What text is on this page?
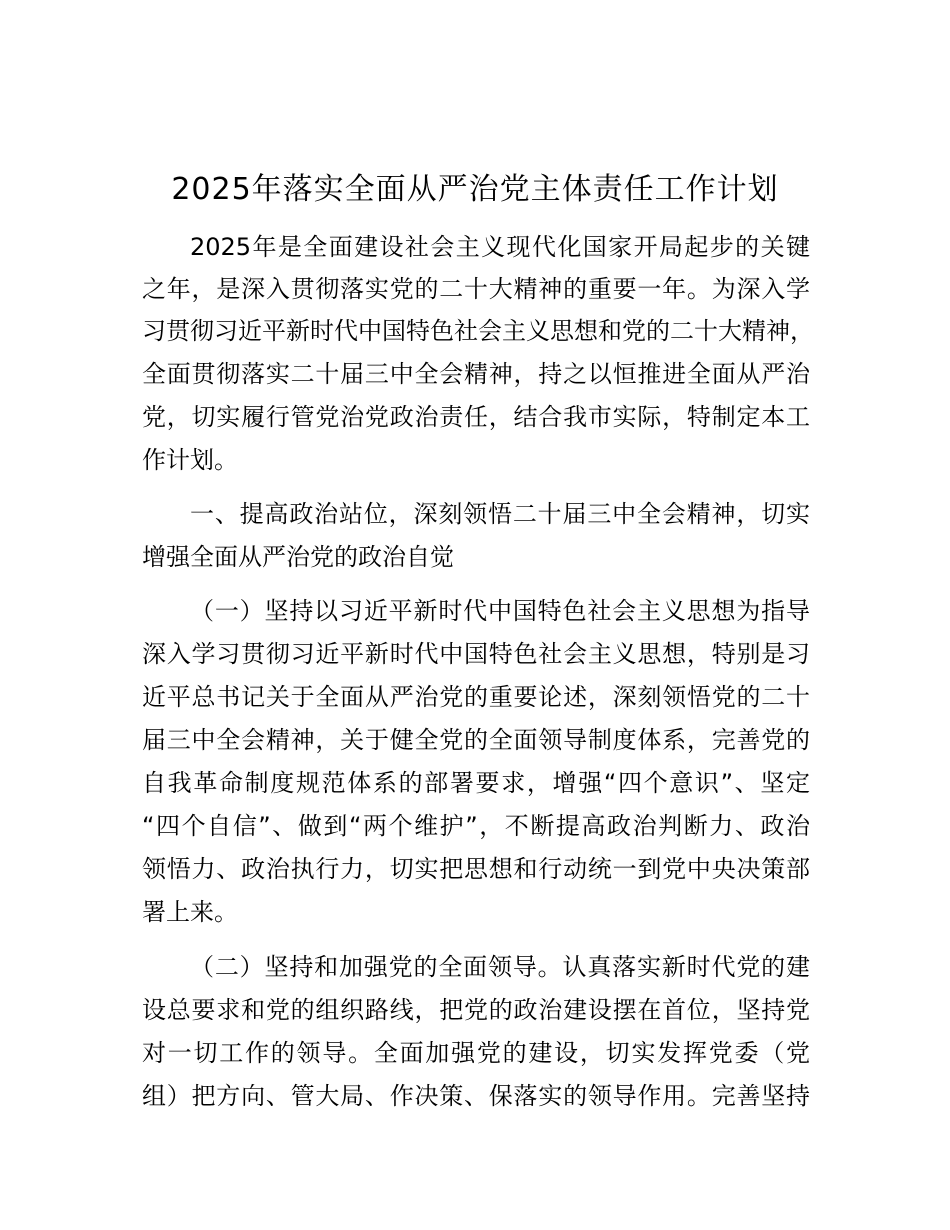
2025年落实全面从严治党主体责任工作计划
2025年是全面建设社会主义现代化国家开局起步的关键
之年，是深入贯彻落实党的二十大精神的重要一年。为深入学
习贯彻习近平新时代中国特色社会主义思想和党的二十大精神，
全面贯彻落实二十届三中全会精神，持之以恒推进全面从严治
党，切实履行管党治党政治责任，结合我市实际，特制定本工
作计划。
一、提高政治站位，深刻领悟二十届三中全会精神，切实
增强全面从严治党的政治自觉
（一）坚持以习近平新时代中国特色社会主义思想为指导
深入学习贯彻习近平新时代中国特色社会主义思想，特别是习
近平总书记关于全面从严治党的重要论述，深刻领悟党的二十
届三中全会精神，关于健全党的全面领导制度体系，完善党的
自我革命制度规范体系的部署要求，增强“四个意识”、坚定
“四个自信”、做到“两个维护”，不断提高政治判断力、政治
领悟力、政治执行力，切实把思想和行动统一到党中央决策部
署上来。
（二）坚持和加强党的全面领导。认真落实新时代党的建
设总要求和党的组织路线，把党的政治建设摆在首位，坚持党
对一切工作的领导。全面加强党的建设，切实发挥党委（党
组）把方向、管大局、作决策、保落实的领导作用。完善坚持
